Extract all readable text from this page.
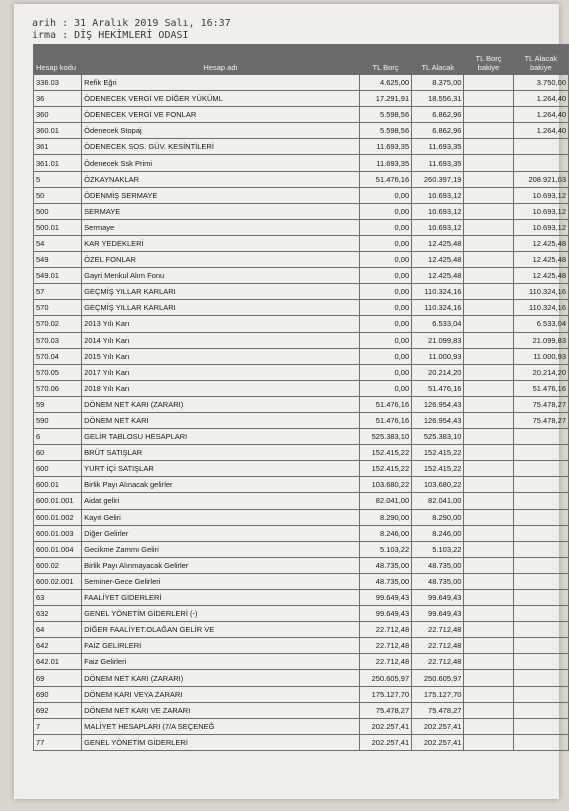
arih : 31 Aralık 2019 Salı, 16:37
irma : DİŞ HEKİMLERİ ODASI
Hesap kodu	Hesap adı	TL Borç	TL Alacak	TL Borç bakiye	TL Alacak bakiye
336.03	Refik Eğri	4.625,00	8.375,00		3.750,00
36	ÖDENECEK VERGİ VE DİĞER YÜKÜML	17.291,91	18.556,31		1.264,40
360	ÖDENECEK VERGİ VE FONLAR	5.598,56	6.862,96		1.264,40
360.01	Ödenecek Stopaj	5.598,56	6.862,96		1.264,40
361	ÖDENECEK SOS. GÜV. KESİNTİLERİ	11.693,35	11.693,35		
361.01	Ödenecek Ssk Primi	11.693,35	11.693,35		
5	ÖZKAYNAKLAR	51.476,16	260.397,19		208.921,03
50	ÖDENMİŞ SERMAYE	0,00	10.693,12		10.693,12
500	SERMAYE	0,00	10.693,12		10.693,12
500.01	Sermaye	0,00	10.693,12		10.693,12
54	KAR YEDEKLERİ	0,00	12.425,48		12.425,48
549	ÖZEL FONLAR	0,00	12.425,48		12.425,48
549.01	Gayri Menkul Alım Fonu	0,00	12.425,48		12.425,48
57	GEÇMİŞ YILLAR KARLARI	0,00	110.324,16		110.324,16
570	GEÇMİŞ YILLAR KARLARI	0,00	110.324,16		110.324,16
570.02	2013 Yılı Karı	0,00	6.533,04		6.533,04
570.03	2014 Yılı Karı	0,00	21.099,83		21.099,83
570.04	2015 Yılı Karı	0,00	11.000,93		11.000,93
570.05	2017 Yılı Karı	0,00	20.214,20		20.214,20
570.06	2018 Yılı Karı	0,00	51.476,16		51.476,16
59	DÖNEM NET KARI (ZARARI)	51.476,16	126.954,43		75.478,27
590	DÖNEM NET KARI	51.476,16	126.954,43		75.478,27
6	GELİR TABLOSU HESAPLARI	525.383,10	525.383,10		
60	BRÜT SATIŞLAR	152.415,22	152.415,22		
600	YURT İÇİ SATIŞLAR	152.415,22	152.415,22		
600.01	Birlik Payı Alınacak gelirler	103.680,22	103.680,22		
600.01.001	Aidat geliri	82.041,00	82.041,00		
600.01.002	Kayıt Geliri	8.290,00	8.290,00		
600.01.003	Diğer Gelirler	8.246,00	8.246,00		
600.01.004	Gecikme Zammı Geliri	5.103,22	5.103,22		
600.02	Birlik Payı Alınmayacak Gelirler	48.735,00	48.735,00		
600.02.001	Seminer-Gece Gelirleri	48.735,00	48.735,00		
63	FAALİYET GİDERLERİ	99.649,43	99.649,43		
632	GENEL YÖNETİM GİDERLERİ (-)	99.649,43	99.649,43		
64	DİĞER FAALİYET.OLAĞAN GELİR VE	22.712,48	22.712,48		
642	FAİZ GELİRLERİ	22.712,48	22.712,48		
642.01	Faiz Gelirleri	22.712,48	22.712,48		
69	DÖNEM NET KARI (ZARARI)	250.605,97	250.605,97		
690	DÖNEM KARI VEYA ZARARI	175.127,70	175.127,70		
692	DÖNEM NET KARI VE ZARARI	75.478,27	75.478,27		
7	MALİYET HESAPLARI (7/A SEÇENEĞ	202.257,41	202.257,41		
77	GENEL YÖNETİM GİDERLERİ	202.257,41	202.257,41		
